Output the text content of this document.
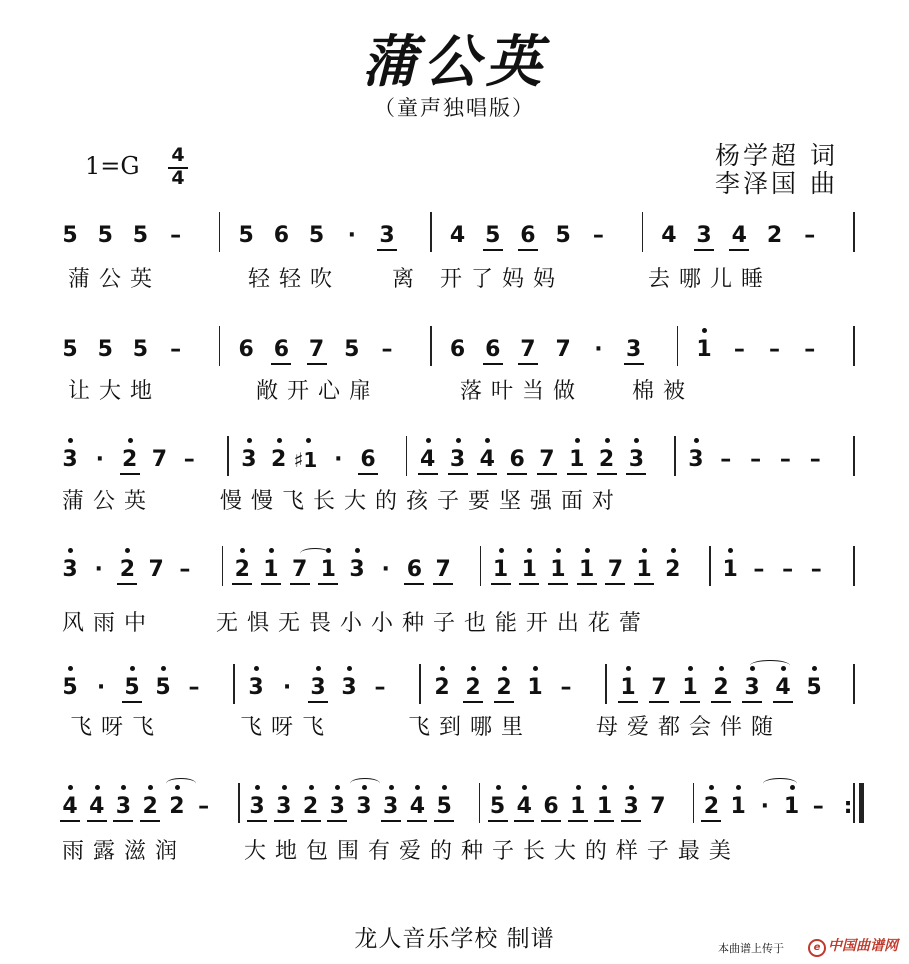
蒲公英
（童声独唱版）
1=G 4
4
杨学超 词
李泽国 曲
5 5 5 –	5 6 5	·	3	4 5 6 5 –	4 3 4 2 –
蒲 公 英	轻 轻 吹	离 开 了 妈 妈	去 哪 儿 睡
5 5 5 –	6 6 7 5 –	6 6 7 7	·	3	1 – – –
让 大 地	敞 开 心 扉	落 叶 当 做	棉 被
3 · 2 7 – 3 2 ♯1 · 6 4 3 4 6 7 1 2 3 3 – – – –
蒲 公 英	慢 慢 飞 长 大 的 孩 子 要 坚 强 面 对
3 · 2 7 – 2 1 7 1 3 · 6 7 1 1 1 1 7 1 2 1 – – –
风 雨 中	无 惧 无 畏 小 小 种 子 也 能 开 出 花 蕾
5 · 5 5 – 3 · 3 3 – 2 2 2 1 – 1 7 1 2 3 4 5
飞 呀 飞	飞 呀 飞	飞 到 哪 里	母 爱 都 会 伴 随
4 4 3 2 2 – 3 3 2 3 3 3 4 5 5 4 6 1 1 3 7 2 1 · 1 – :
雨 露 滋 润	大 地 包 围 有 爱 的 种 子 长 大 的 样 子 最 美
龙人音乐学校 制谱	本曲谱上传于	e 中国曲谱网
